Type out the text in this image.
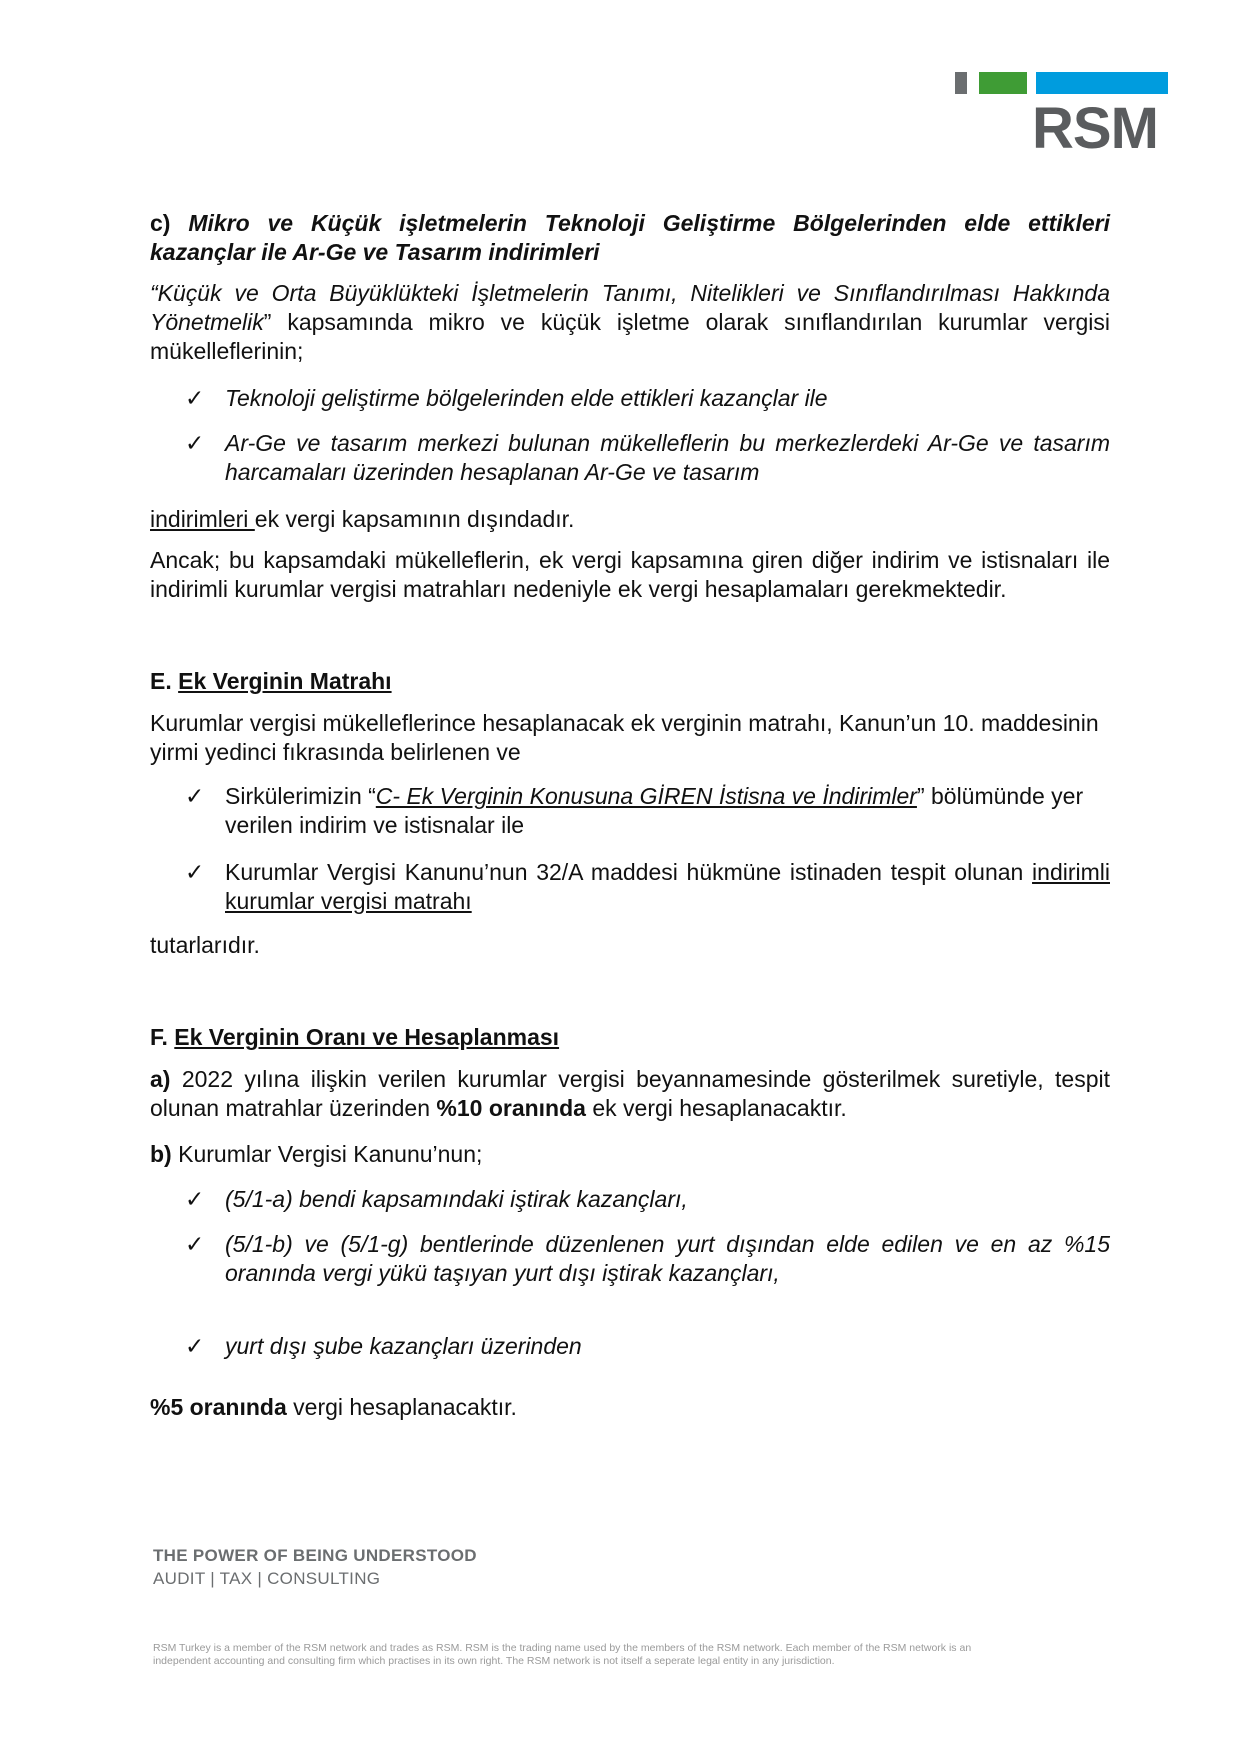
RSM

c) Mikro ve Küçük işletmelerin Teknoloji Geliştirme Bölgelerinden elde ettikleri kazançlar ile Ar-Ge ve Tasarım indirimleri

“Küçük ve Orta Büyüklükteki İşletmelerin Tanımı, Nitelikleri ve Sınıflandırılması Hakkında Yönetmelik” kapsamında mikro ve küçük işletme olarak sınıflandırılan kurumlar vergisi mükelleflerinin;

✓ Teknoloji geliştirme bölgelerinden elde ettikleri kazançlar ile
✓ Ar-Ge ve tasarım merkezi bulunan mükelleflerin bu merkezlerdeki Ar-Ge ve tasarım harcamaları üzerinden hesaplanan Ar-Ge ve tasarım

indirimleri ek vergi kapsamının dışındadır.

Ancak; bu kapsamdaki mükelleflerin, ek vergi kapsamına giren diğer indirim ve istisnaları ile indirimli kurumlar vergisi matrahları nedeniyle ek vergi hesaplamaları gerekmektedir.

E. Ek Verginin Matrahı

Kurumlar vergisi mükelleflerince hesaplanacak ek verginin matrahı, Kanun’un 10. maddesinin yirmi yedinci fıkrasında belirlenen ve

✓ Sirkülerimizin “C- Ek Verginin Konusuna GİREN İstisna ve İndirimler” bölümünde yer verilen indirim ve istisnalar ile
✓ Kurumlar Vergisi Kanunu’nun 32/A maddesi hükmüne istinaden tespit olunan indirimli kurumlar vergisi matrahı

tutarlarıdır.

F. Ek Verginin Oranı ve Hesaplanması

a) 2022 yılına ilişkin verilen kurumlar vergisi beyannamesinde gösterilmek suretiyle, tespit olunan matrahlar üzerinden %10 oranında ek vergi hesaplanacaktır.

b) Kurumlar Vergisi Kanunu’nun;

✓ (5/1-a) bendi kapsamındaki iştirak kazançları,
✓ (5/1-b) ve (5/1-g) bentlerinde düzenlenen yurt dışından elde edilen ve en az %15 oranında vergi yükü taşıyan yurt dışı iştirak kazançları,
✓ yurt dışı şube kazançları üzerinden

%5 oranında vergi hesaplanacaktır.

THE POWER OF BEING UNDERSTOOD
AUDIT | TAX | CONSULTING
RSM Turkey is a member of the RSM network and trades as RSM. RSM is the trading name used by the members of the RSM network. Each member of the RSM network is an
independent accounting and consulting firm which practises in its own right. The RSM network is not itself a seperate legal entity in any jurisdiction.
